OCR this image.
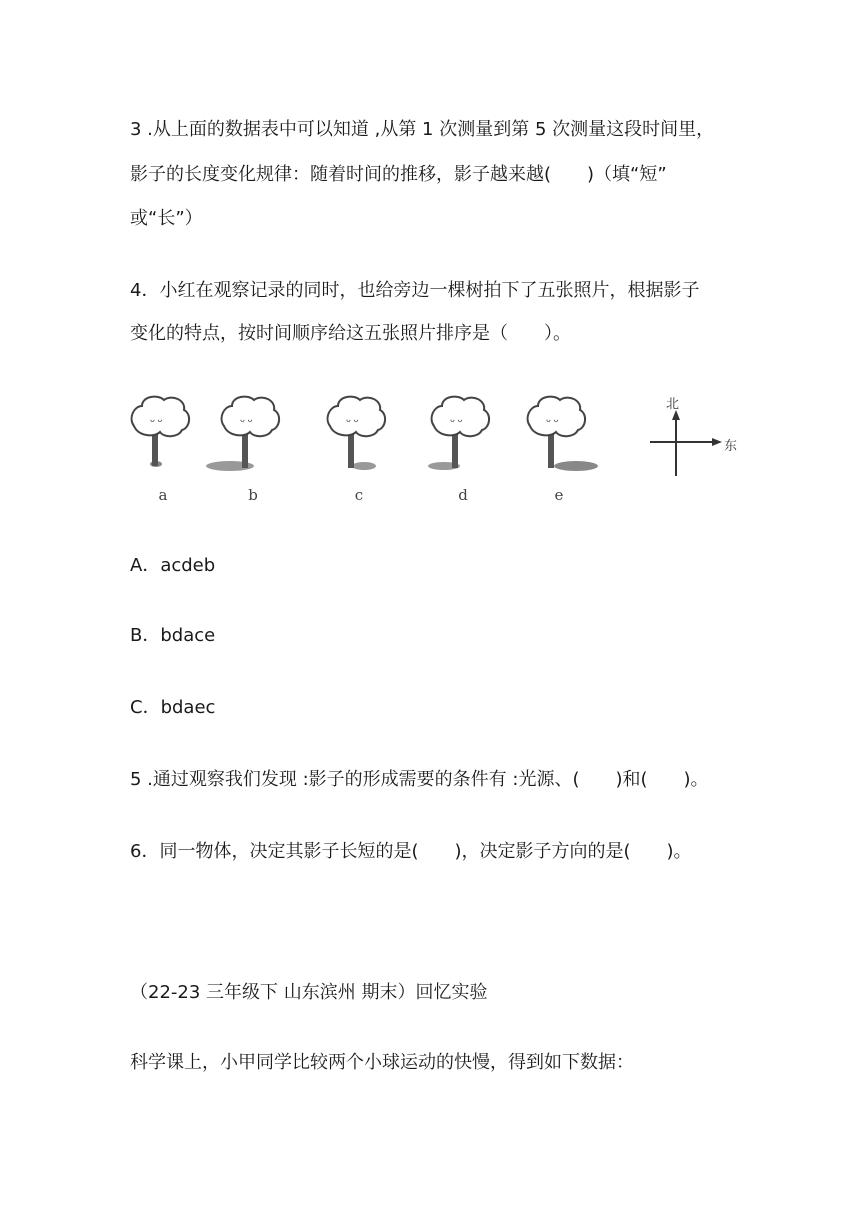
3 .从上面的数据表中可以知道 ,从第 1 次测量到第 5 次测量这段时间里，
影子的长度变化规律：随着时间的推移，影子越来越(　　)（填“短”
或“长”）
4．小红在观察记录的同时，也给旁边一棵树拍下了五张照片，根据影子
变化的特点，按时间顺序给这五张照片排序是（　　）。
ᴗ ᴗ
a
ᴗ ᴗ
b
ᴗ ᴗ
c
ᴗ ᴗ
d
ᴗ ᴗ
e
北
东
A．acdeb
B．bdace
C．bdaec
5 .通过观察我们发现 :影子的形成需要的条件有 :光源、(　　)和(　　)。
6．同一物体，决定其影子长短的是(　　)，决定影子方向的是(　　)。
（22-23 三年级下 山东滨州 期末）回忆实验
科学课上，小甲同学比较两个小球运动的快慢，得到如下数据：
